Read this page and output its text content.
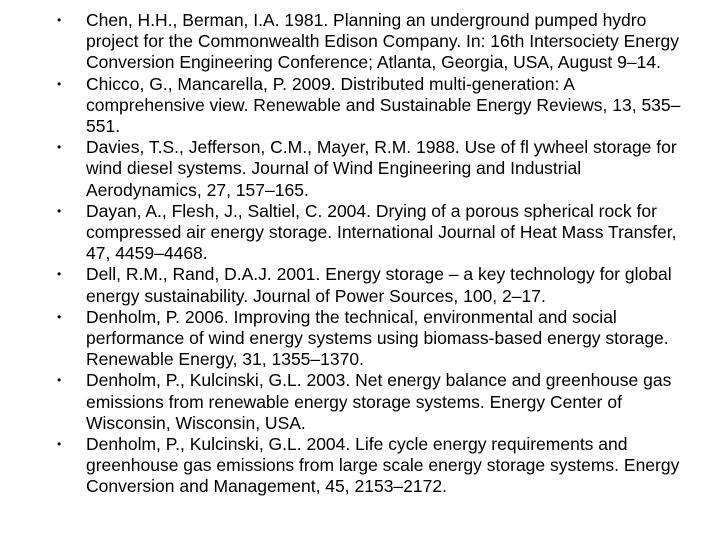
• Chen, H.H., Berman, I.A. 1981. Planning an underground pumped hydro project for the Commonwealth Edison Company. In: 16th Intersociety Energy Conversion Engineering Conference; Atlanta, Georgia, USA, August 9–14.
• Chicco, G., Mancarella, P. 2009. Distributed multi-generation: A comprehensive view. Renewable and Sustainable Energy Reviews, 13, 535–551.
• Davies, T.S., Jefferson, C.M., Mayer, R.M. 1988. Use of fl ywheel storage for wind diesel systems. Journal of Wind Engineering and Industrial Aerodynamics, 27, 157–165.
• Dayan, A., Flesh, J., Saltiel, C. 2004. Drying of a porous spherical rock for compressed air energy storage. International Journal of Heat Mass Transfer, 47, 4459–4468.
• Dell, R.M., Rand, D.A.J. 2001. Energy storage – a key technology for global energy sustainability. Journal of Power Sources, 100, 2–17.
• Denholm, P. 2006. Improving the technical, environmental and social performance of wind energy systems using biomass-based energy storage. Renewable Energy, 31, 1355–1370.
• Denholm, P., Kulcinski, G.L. 2003. Net energy balance and greenhouse gas emissions from renewable energy storage systems. Energy Center of Wisconsin, Wisconsin, USA.
• Denholm, P., Kulcinski, G.L. 2004. Life cycle energy requirements and greenhouse gas emissions from large scale energy storage systems. Energy Conversion and Management, 45, 2153–2172.
